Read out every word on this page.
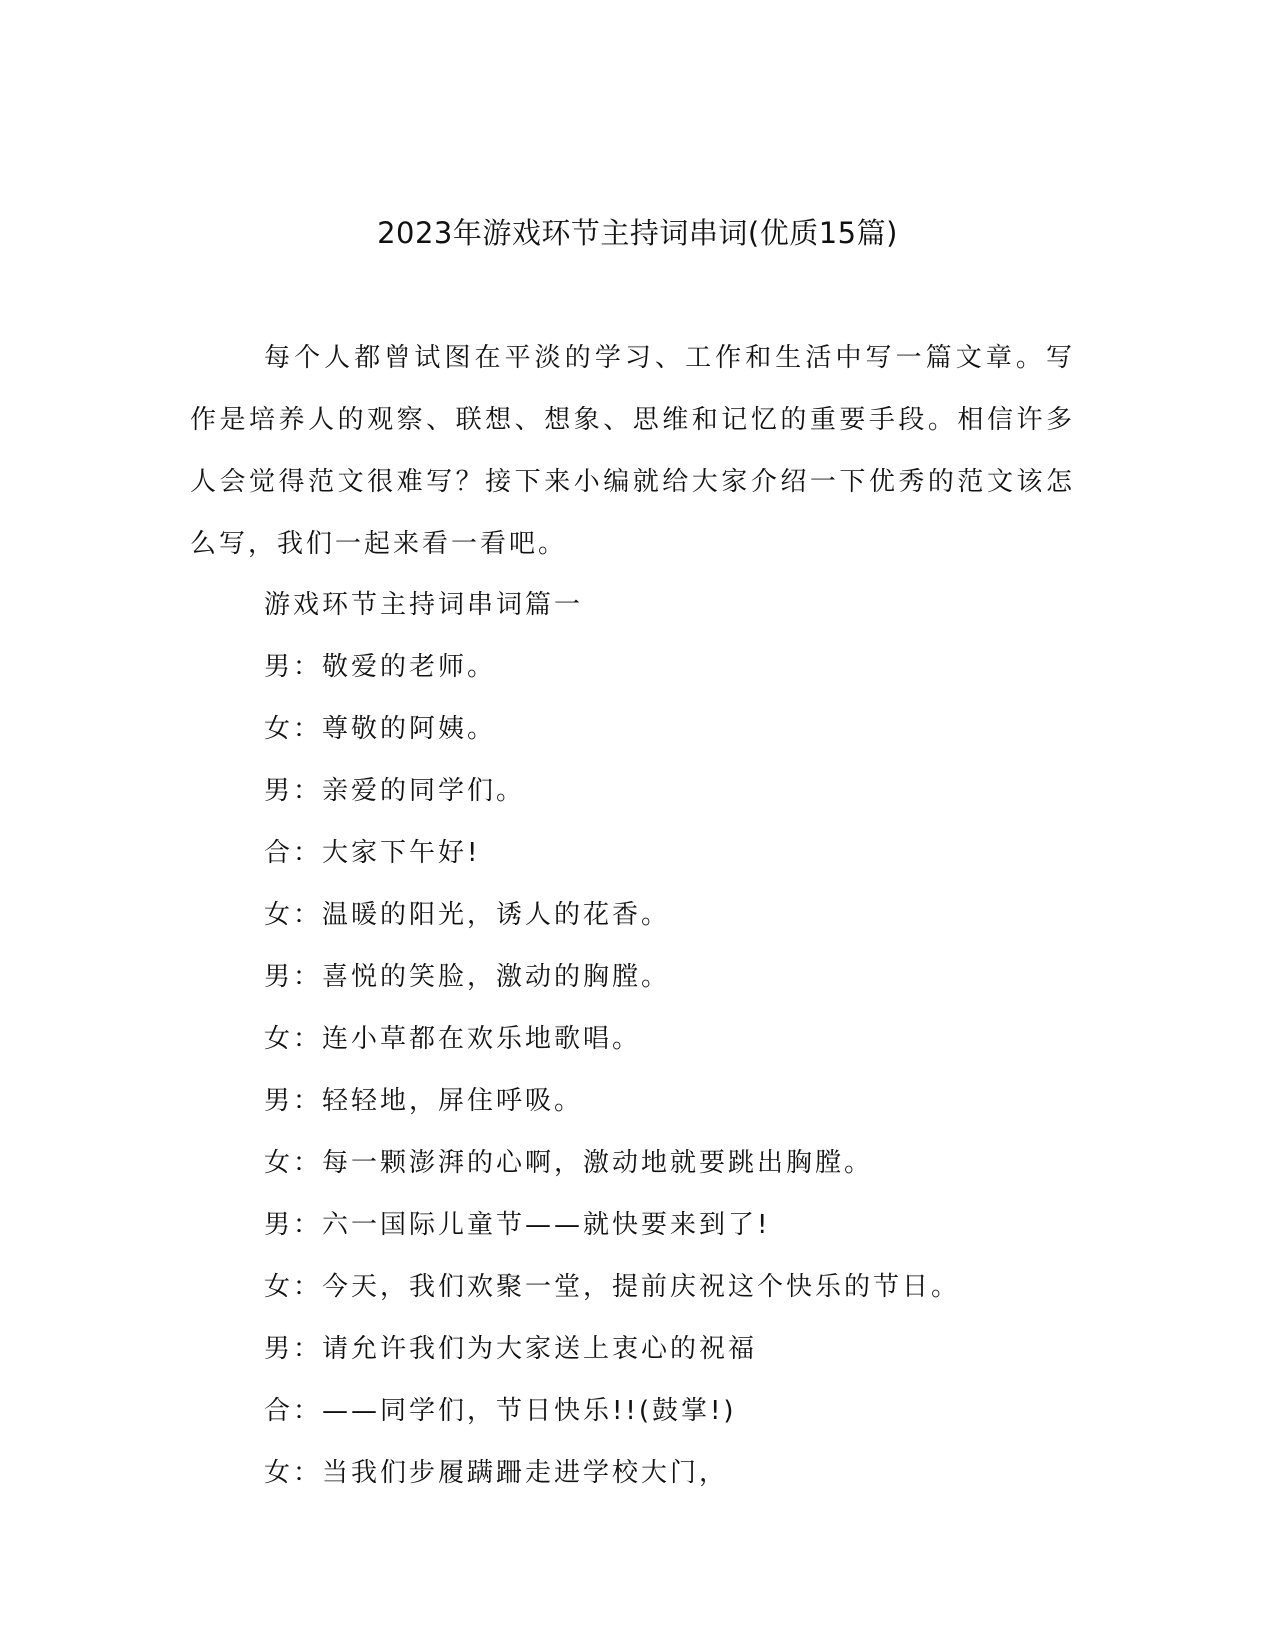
2023年游戏环节主持词串词(优质15篇)

每个人都曾试图在平淡的学习、工作和生活中写一篇文章。写作是培养人的观察、联想、想象、思维和记忆的重要手段。相信许多人会觉得范文很难写？接下来小编就给大家介绍一下优秀的范文该怎么写，我们一起来看一看吧。

游戏环节主持词串词篇一
男：敬爱的老师。
女：尊敬的阿姨。
男：亲爱的同学们。
合：大家下午好!
女：温暖的阳光，诱人的花香。
男：喜悦的笑脸，激动的胸膛。
女：连小草都在欢乐地歌唱。
男：轻轻地，屏住呼吸。
女：每一颗澎湃的心啊，激动地就要跳出胸膛。
男：六一国际儿童节——就快要来到了!
女：今天，我们欢聚一堂，提前庆祝这个快乐的节日。
男：请允许我们为大家送上衷心的祝福
合：——同学们，节日快乐!!(鼓掌!)
女：当我们步履蹒跚走进学校大门，
